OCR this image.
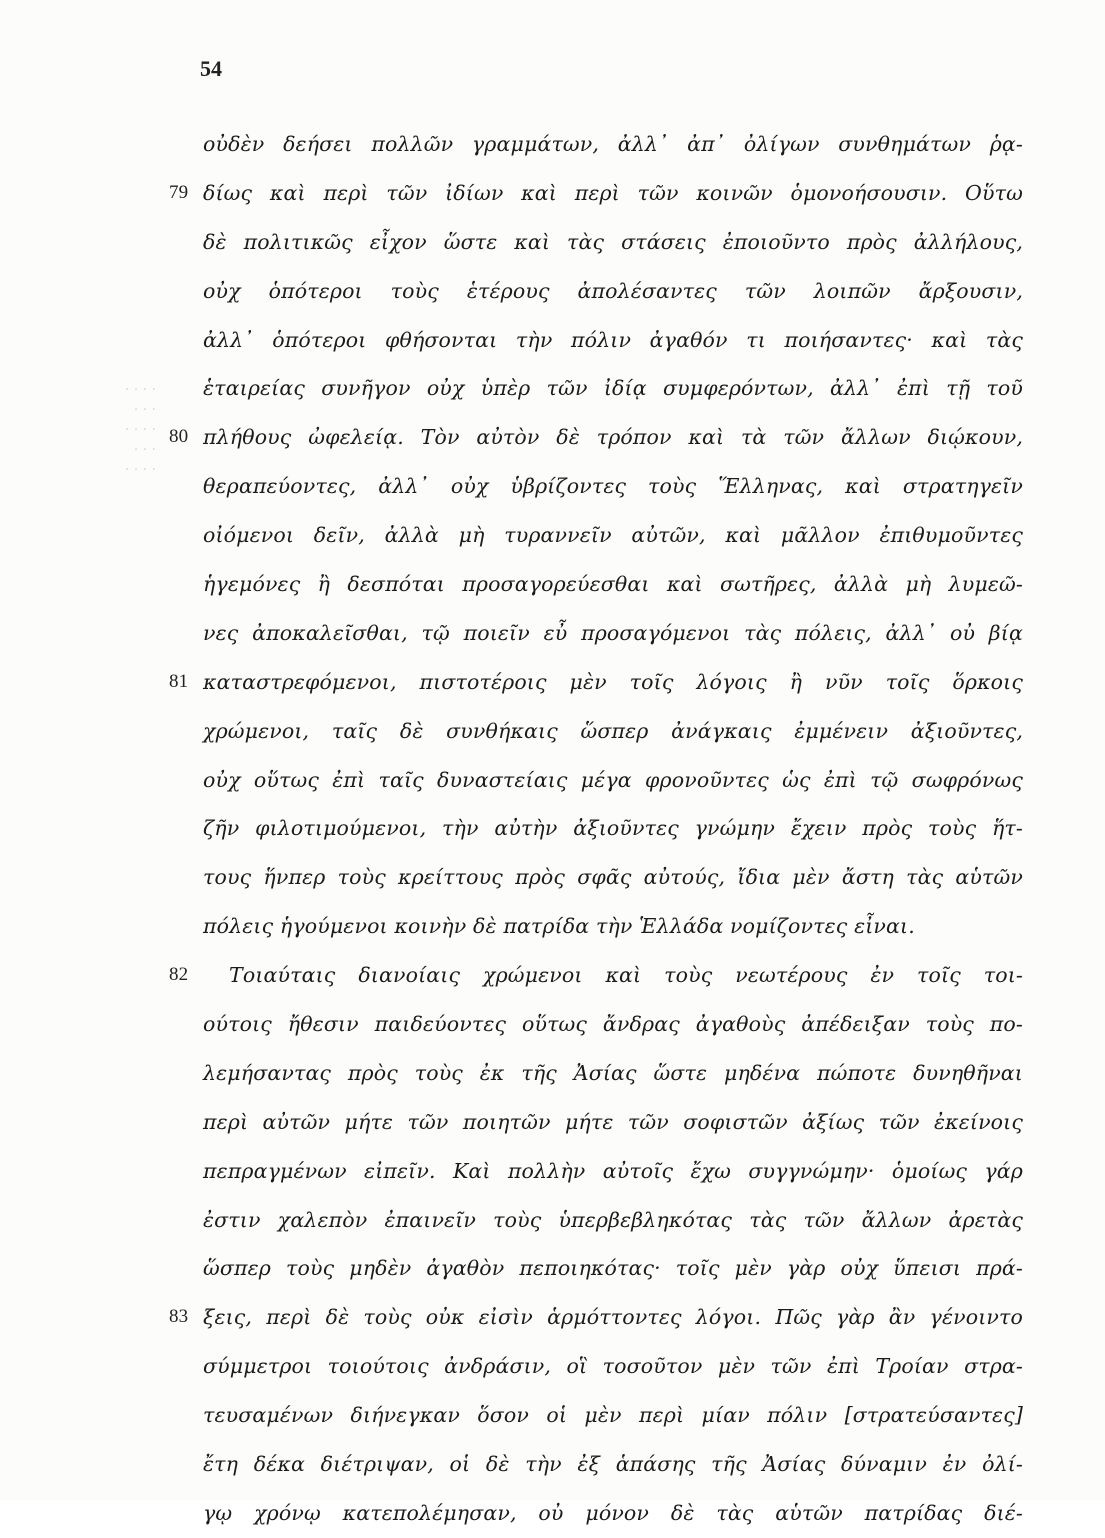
· · · ·
· · ·
· · · ·
· · ·
· · · ·
54
οὐδὲν δεήσει πολλῶν γραμμάτων, ἀλλ᾽ ἀπ᾽ ὀλίγων συνθημάτων ῥᾳ-
79 δίως καὶ περὶ τῶν ἰδίων καὶ περὶ τῶν κοινῶν ὁμονοήσουσιν. Οὕτω
δὲ πολιτικῶς εἶχον ὥστε καὶ τὰς στάσεις ἐποιοῦντο πρὸς ἀλλήλους,
οὐχ ὁπότεροι τοὺς ἑτέρους ἀπολέσαντες τῶν λοιπῶν ἄρξουσιν,
ἀλλ᾽ ὁπότεροι φθήσονται τὴν πόλιν ἀγαθόν τι ποιήσαντες· καὶ τὰς
ἑταιρείας συνῆγον οὐχ ὑπὲρ τῶν ἰδίᾳ συμφερόντων, ἀλλ᾽ ἐπὶ τῇ τοῦ
80 πλήθους ὠφελείᾳ. Τὸν αὐτὸν δὲ τρόπον καὶ τὰ τῶν ἄλλων διῴκουν,
θεραπεύοντες, ἀλλ᾽ οὐχ ὑβρίζοντες τοὺς Ἕλληνας, καὶ στρατηγεῖν
οἰόμενοι δεῖν, ἀλλὰ μὴ τυραννεῖν αὐτῶν, καὶ μᾶλλον ἐπιθυμοῦντες
ἡγεμόνες ἢ δεσπόται προσαγορεύεσθαι καὶ σωτῆρες, ἀλλὰ μὴ λυμεῶ-
νες ἀποκαλεῖσθαι, τῷ ποιεῖν εὖ προσαγόμενοι τὰς πόλεις, ἀλλ᾽ οὐ βίᾳ
81 καταστρεφόμενοι, πιστοτέροις μὲν τοῖς λόγοις ἢ νῦν τοῖς ὅρκοις
χρώμενοι, ταῖς δὲ συνθήκαις ὥσπερ ἀνάγκαις ἐμμένειν ἀξιοῦντες,
οὐχ οὕτως ἐπὶ ταῖς δυναστείαις μέγα φρονοῦντες ὡς ἐπὶ τῷ σωφρόνως
ζῆν φιλοτιμούμενοι, τὴν αὐτὴν ἀξιοῦντες γνώμην ἔχειν πρὸς τοὺς ἥτ-
τους ἥνπερ τοὺς κρείττους πρὸς σφᾶς αὐτούς, ἴδια μὲν ἄστη τὰς αὑτῶν
πόλεις ἡγούμενοι κοινὴν δὲ πατρίδα τὴν Ἑλλάδα νομίζοντες εἶναι.
82 Τοιαύταις διανοίαις χρώμενοι καὶ τοὺς νεωτέρους ἐν τοῖς τοι-
ούτοις ἤθεσιν παιδεύοντες οὕτως ἄνδρας ἀγαθοὺς ἀπέδειξαν τοὺς πο-
λεμήσαντας πρὸς τοὺς ἐκ τῆς Ἀσίας ὥστε μηδένα πώποτε δυνηθῆναι
περὶ αὐτῶν μήτε τῶν ποιητῶν μήτε τῶν σοφιστῶν ἀξίως τῶν ἐκείνοις
πεπραγμένων εἰπεῖν. Καὶ πολλὴν αὐτοῖς ἔχω συγγνώμην· ὁμοίως γάρ
ἐστιν χαλεπὸν ἐπαινεῖν τοὺς ὑπερβεβληκότας τὰς τῶν ἄλλων ἀρετὰς
ὥσπερ τοὺς μηδὲν ἀγαθὸν πεποιηκότας· τοῖς μὲν γὰρ οὐχ ὕπεισι πρά-
83 ξεις, περὶ δὲ τοὺς οὐκ εἰσὶν ἁρμόττοντες λόγοι. Πῶς γὰρ ἂν γένοιντο
σύμμετροι τοιούτοις ἀνδράσιν, οἳ τοσοῦτον μὲν τῶν ἐπὶ Τροίαν στρα-
τευσαμένων διήνεγκαν ὅσον οἱ μὲν περὶ μίαν πόλιν [στρατεύσαντες]
ἔτη δέκα διέτριψαν, οἱ δὲ τὴν ἐξ ἁπάσης τῆς Ἀσίας δύναμιν ἐν ὀλί-
γῳ χρόνῳ κατεπολέμησαν, οὐ μόνον δὲ τὰς αὑτῶν πατρίδας διέ-
